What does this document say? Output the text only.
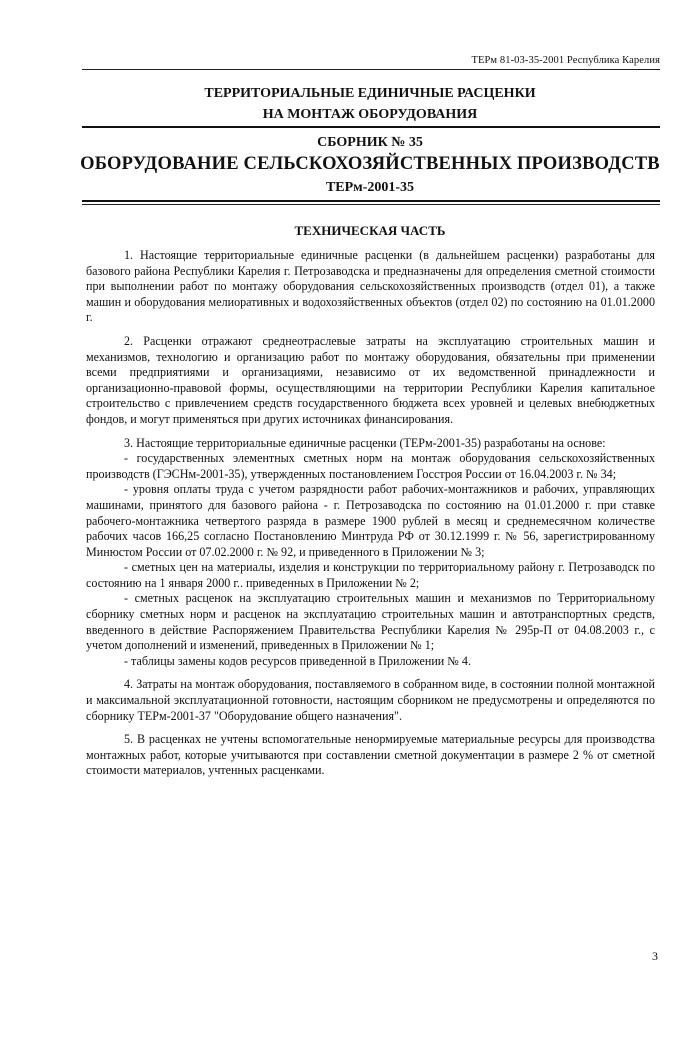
ТЕРм 81-03-35-2001 Республика Карелия
ТЕРРИТОРИАЛЬНЫЕ ЕДИНИЧНЫЕ РАСЦЕНКИ
НА МОНТАЖ ОБОРУДОВАНИЯ
СБОРНИК № 35
ОБОРУДОВАНИЕ СЕЛЬСКОХОЗЯЙСТВЕННЫХ ПРОИЗВОДСТВ
ТЕРм-2001-35
ТЕХНИЧЕСКАЯ ЧАСТЬ

1. Настоящие территориальные единичные расценки (в дальнейшем расценки) разработаны для базового района Республики Карелия г. Петрозаводска и предназначены для определения сметной стоимости при выполнении работ по монтажу оборудования сельскохозяйственных производств (отдел 01), а также машин и оборудования мелиоративных и водохозяйственных объектов (отдел 02) по состоянию на 01.01.2000 г.

2. Расценки отражают среднеотраслевые затраты на эксплуатацию строительных машин и механизмов, технологию и организацию работ по монтажу оборудования, обязательны при применении всеми предприятиями и организациями, независимо от их ведомственной принадлежности и организационно-правовой формы, осуществляющими на территории Республики Карелия капитальное строительство с привлечением средств государственного бюджета всех уровней и целевых внебюджетных фондов, и могут применяться при других источниках финансирования.

3. Настоящие территориальные единичные расценки (ТЕРм-2001-35) разработаны на основе:

- государственных элементных сметных норм на монтаж оборудования сельскохозяйственных производств (ГЭСНм-2001-35), утвержденных постановлением Госстроя России от 16.04.2003 г. № 34;

- уровня оплаты труда с учетом разрядности работ рабочих-монтажников и рабочих, управляющих машинами, принятого для базового района - г. Петрозаводска по состоянию на 01.01.2000 г. при ставке рабочего-монтажника четвертого разряда в размере 1900 рублей в месяц и среднемесячном количестве рабочих часов 166,25 согласно Постановлению Минтруда РФ от 30.12.1999 г. № 56, зарегистрированному Минюстом России от 07.02.2000 г. № 92, и приведенного в Приложении № 3;

- сметных цен на материалы, изделия и конструкции по территориальному району г. Петрозаводск по состоянию на 1 января 2000 г.. приведенных в Приложении № 2;

- сметных расценок на эксплуатацию строительных машин и механизмов по Территориальному сборнику сметных норм и расценок на эксплуатацию строительных машин и автотранспортных средств, введенного в действие Распоряжением Правительства Республики Карелия № 295р-П от 04.08.2003 г., с учетом дополнений и изменений, приведенных в Приложении № 1;

- таблицы замены кодов ресурсов приведенной в Приложении № 4.

4. Затраты на монтаж оборудования, поставляемого в собранном виде, в состоянии полной монтажной и максимальной эксплуатационной готовности, настоящим сборником не предусмотрены и определяются по сборнику ТЕРм-2001-37 "Оборудование общего назначения".

5. В расценках не учтены вспомогательные ненормируемые материальные ресурсы для производства монтажных работ, которые учитываются при составлении сметной документации в размере 2 % от сметной стоимости материалов, учтенных расценками.

3
